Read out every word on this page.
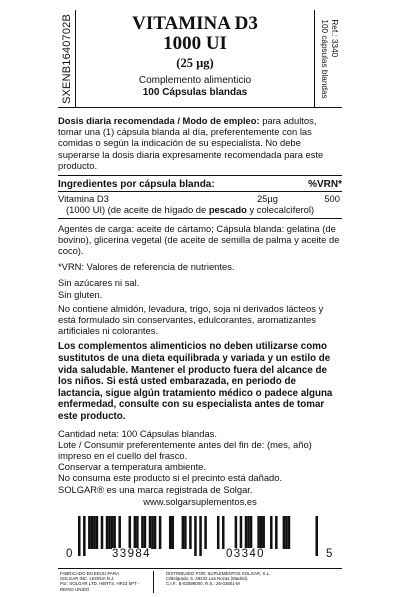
SXENB1640702B	VITAMINA D3
1000 UI
(25 µg)
Complemento alimenticio
100 Cápsulas blandas
Ref.: 3340
100 cápsulas blandas
Dosis diaria recomendada / Modo de empleo: para adultos, tomar una (1) cápsula blanda al día, preferentemente con las comidas o según la indicación de su especialista. No debe superarse la dosis diaria expresamente recomendada para este producto.
Ingredientes por cápsula blanda:	%VRN*
Vitamina D3	25µg	500
(1000 UI) (de aceite de hígado de pescado y colecalciferol)
Agentes de carga: aceite de cártamo; Cápsula blanda: gelatina (de bovino), glicerina vegetal (de aceite de semilla de palma y aceite de coco).
*VRN: Valores de referencia de nutrientes.
Sin azúcares ni sal.
Sin gluten.
No contiene almidón, levadura, trigo, soja ni derivados lácteos y está formulado sin conservantes, edulcorantes, aromatizantes artificiales ni colorantes.
Los complementos alimenticios no deben utilizarse como sustitutos de una dieta equilibrada y variada y un estilo de vida saludable. Mantener el producto fuera del alcance de los niños. Si está usted embarazada, en periodo de lactancia, sigue algún tratamiento médico o padece alguna enfermedad, consulte con su especialista antes de tomar este producto.
Cantidad neta: 100 Cápsulas blandas.
Lote / Consumir preferentemente antes del fin de: (mes, año) impreso en el cuello del frasco.
Conservar a temperatura ambiente.
No consuma este producto si el precinto está dañado.
SOLGAR® es una marca registrada de Solgar.
www.solgarsuplementos.es
0	33984	03340	5
FABRICADO EN EEUU PARA:
SOLGAR INC. LEONIA N.J.
Por: SOLGAR LTD. HERTS. HP23 5PT - REINO UNIDO
DISTRIBUIDO POR: SUPLEMENTOS SOLGAR, S.L.
C/Belgrado, 6. 28232 Las Rozas (Madrid).
C.I.F.: B-82599000. R.S.: 26-02801-M
